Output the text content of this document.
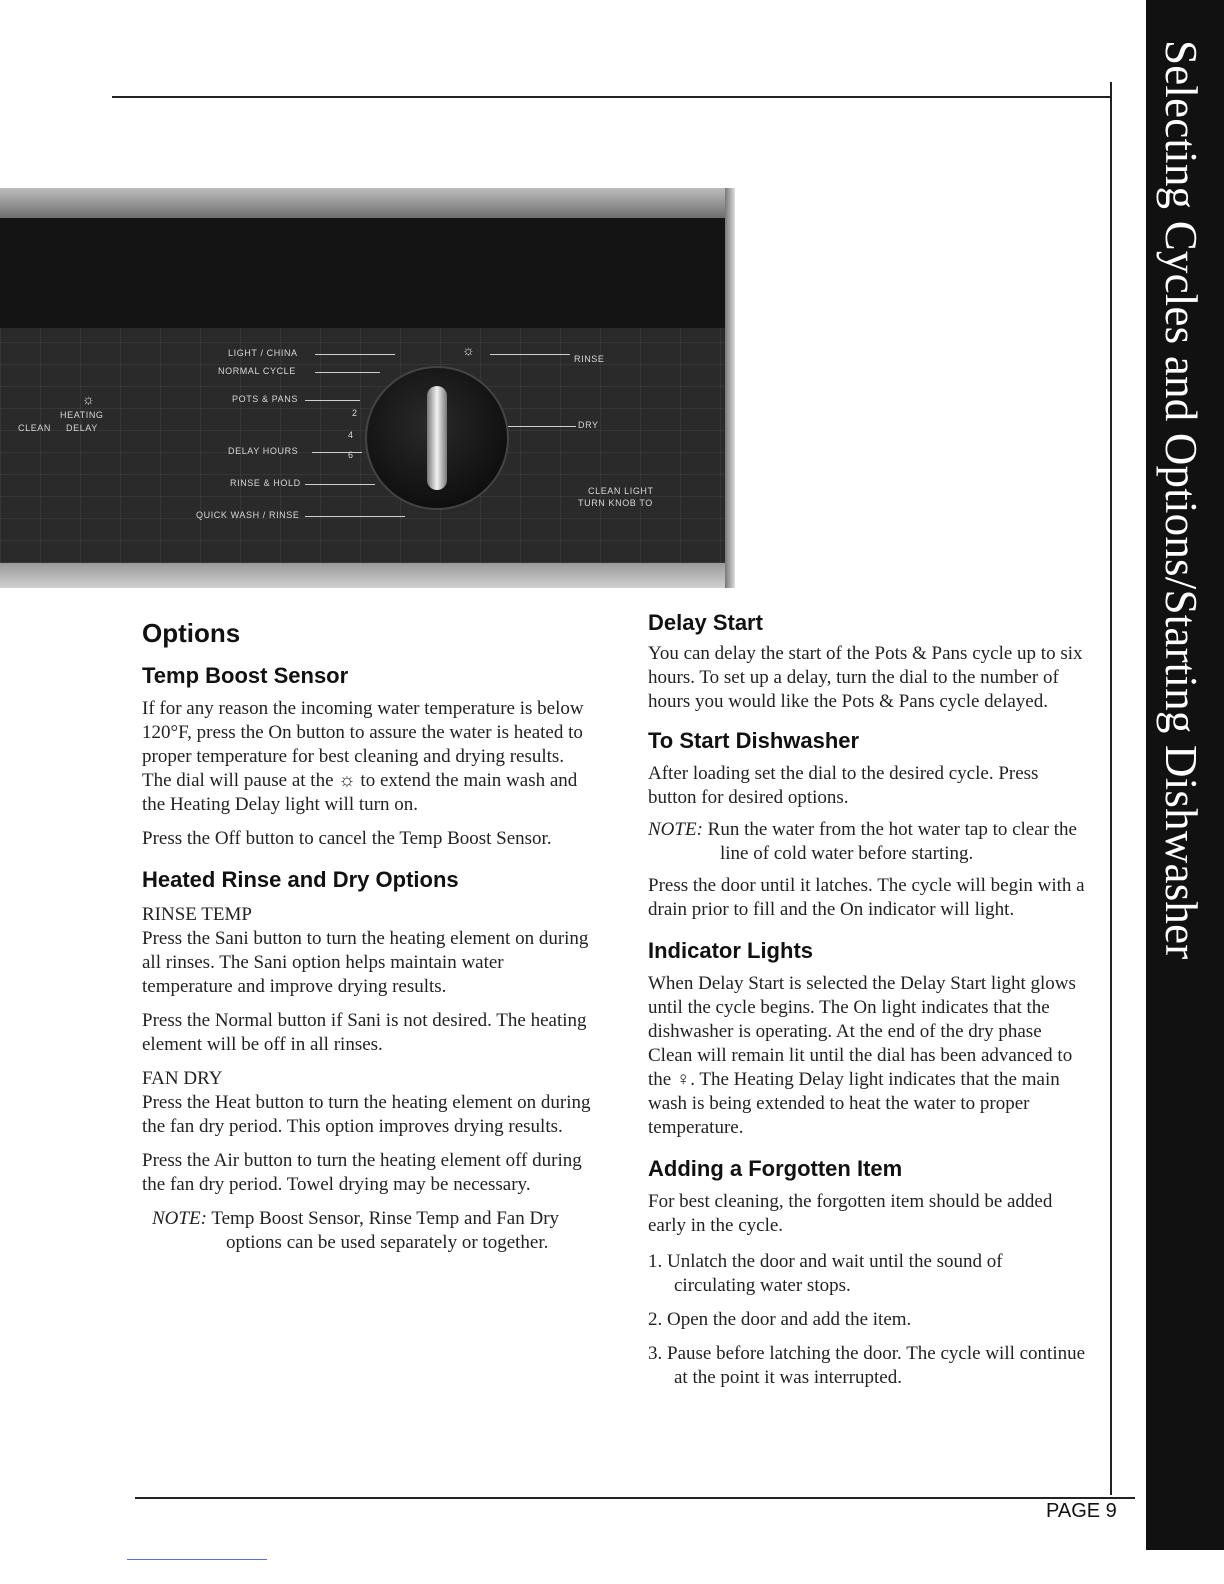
Selecting Cycles and Options/Starting Dishwasher
☼
HEATING
CLEAN DELAY
LIGHT / CHINA
NORMAL CYCLE
POTS & PANS
DELAY HOURS
RINSE & HOLD
QUICK WASH / RINSE
☼	RINSE
DRY
CLEAN LIGHT
TURN KNOB TO
2
4
6
Options
Temp Boost Sensor

If for any reason the incoming water temperature is below 120°F, press the On button to assure the water is heated to proper temperature for best cleaning and drying results. The dial will pause at the ☼ to extend the main wash and the Heating Delay light will turn on.

Press the Off button to cancel the Temp Boost Sensor.

Heated Rinse and Dry Options

RINSE TEMP

Press the Sani button to turn the heating element on during all rinses. The Sani option helps maintain water temperature and improve drying results.

Press the Normal button if Sani is not desired. The heating element will be off in all rinses.

FAN DRY

Press the Heat button to turn the heating element on during the fan dry period. This option improves drying results.

Press the Air button to turn the heating element off during the fan dry period. Towel drying may be necessary.

NOTE: Temp Boost Sensor, Rinse Temp and Fan Dry options can be used separately or together.
Delay Start

You can delay the start of the Pots & Pans cycle up to six hours. To set up a delay, turn the dial to the number of hours you would like the Pots & Pans cycle delayed.

To Start Dishwasher

After loading set the dial to the desired cycle. Press button for desired options.

NOTE: Run the water from the hot water tap to clear the line of cold water before starting.

Press the door until it latches. The cycle will begin with a drain prior to fill and the On indicator will light.

Indicator Lights

When Delay Start is selected the Delay Start light glows until the cycle begins. The On light indicates that the dishwasher is operating. At the end of the dry phase Clean will remain lit until the dial has been advanced to the ♀. The Heating Delay light indicates that the main wash is being extended to heat the water to proper temperature.

Adding a Forgotten Item

For best cleaning, the forgotten item should be added early in the cycle.

1. Unlatch the door and wait until the sound of circulating water stops.

2. Open the door and add the item.

3. Pause before latching the door. The cycle will continue at the point it was interrupted.

PAGE 9
